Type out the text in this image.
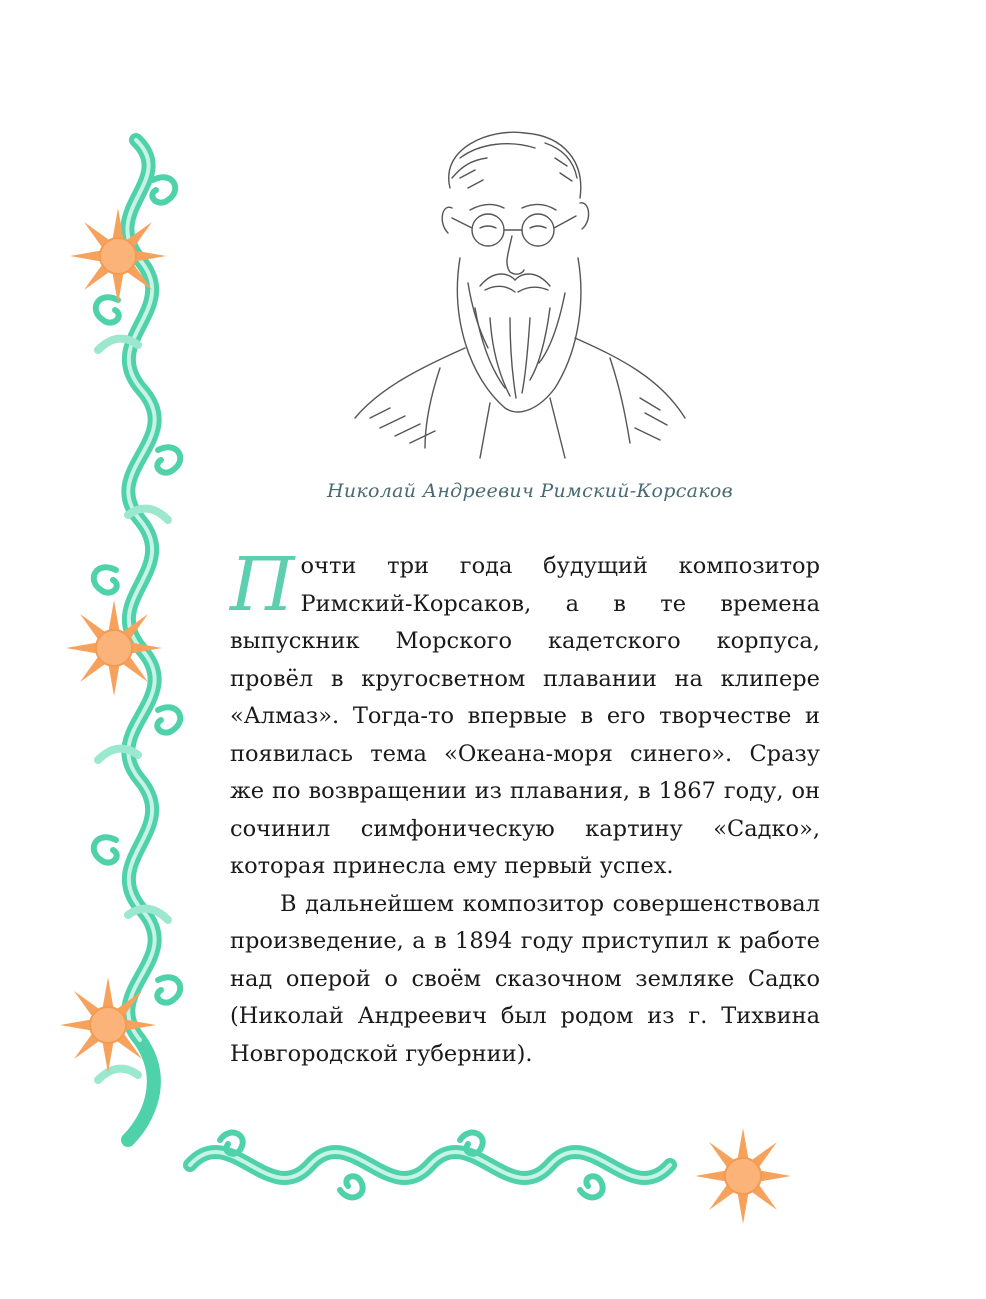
Николай Андреевич Римский-Корсаков

Почти три года будущий композитор Римский-Корсаков, а в те времена выпускник Морского кадетского корпуса, провёл в кругосветном плавании на клипере «Алмаз». Тогда-то впервые в его творчестве и появилась тема «Океана-моря синего». Сразу же по возвращении из плавания, в 1867 году, он сочинил симфоническую картину «Садко», которая принесла ему первый успех.

В дальнейшем композитор совершенствовал произведение, а в 1894 году приступил к работе над оперой о своём сказочном земляке Садко (Николай Андреевич был родом из г. Тихвина Новгородской губернии).
